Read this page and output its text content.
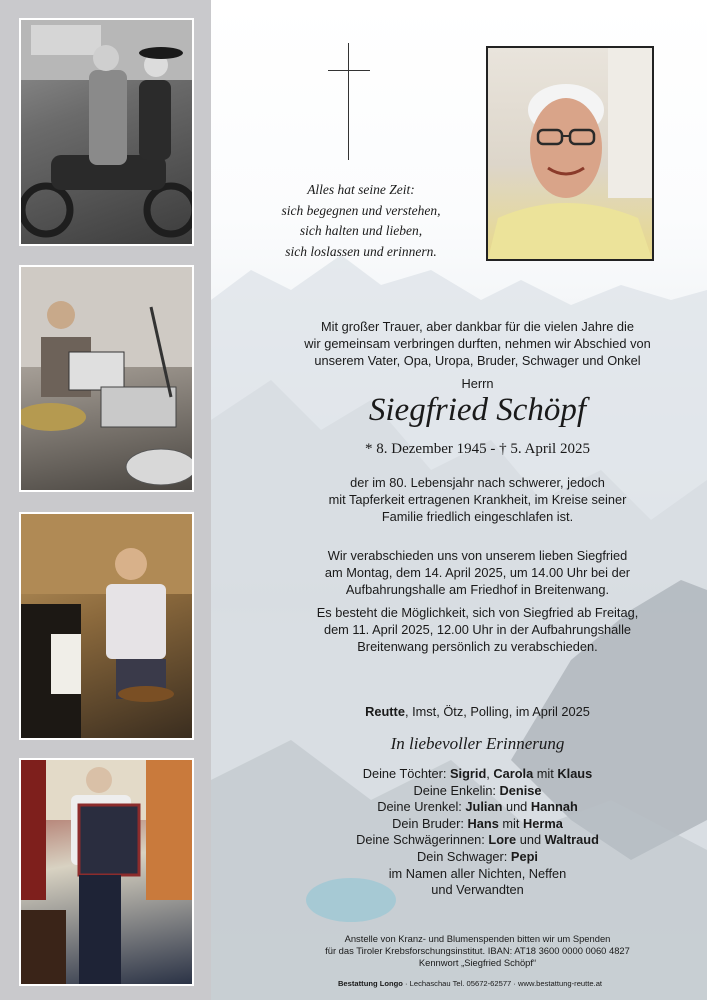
Alles hat seine Zeit:
sich begegnen und verstehen,
sich halten und lieben,
sich loslassen und erinnern.
Mit großer Trauer, aber dankbar für die vielen Jahre die
wir gemeinsam verbringen durften, nehmen wir Abschied von
unserem Vater, Opa, Uropa, Bruder, Schwager und Onkel
Herrn
Siegfried Schöpf
* 8. Dezember 1945 - † 5. April 2025
der im 80. Lebensjahr nach schwerer, jedoch
mit Tapferkeit ertragenen Krankheit, im Kreise seiner
Familie friedlich eingeschlafen ist.
Wir verabschieden uns von unserem lieben Siegfried
am Montag, dem 14. April 2025, um 14.00 Uhr bei der
Aufbahrungshalle am Friedhof in Breitenwang.
Es besteht die Möglichkeit, sich von Siegfried ab Freitag,
dem 11. April 2025, 12.00 Uhr in der Aufbahrungshalle
Breitenwang persönlich zu verabschieden.
Reutte, Imst, Ötz, Polling, im April 2025
In liebevoller Erinnerung
Deine Töchter: Sigrid, Carola mit Klaus
Deine Enkelin: Denise
Deine Urenkel: Julian und Hannah
Dein Bruder: Hans mit Herma
Deine Schwägerinnen: Lore und Waltraud
Dein Schwager: Pepi
im Namen aller Nichten, Neffen
und Verwandten
Anstelle von Kranz- und Blumenspenden bitten wir um Spenden
für das Tiroler Krebsforschungsinstitut. IBAN: AT18 3600 0000 0060 4827
Kennwort „Siegfried Schöpf“
Bestattung Longo · Lechaschau Tel. 05672-62577 · www.bestattung-reutte.at
